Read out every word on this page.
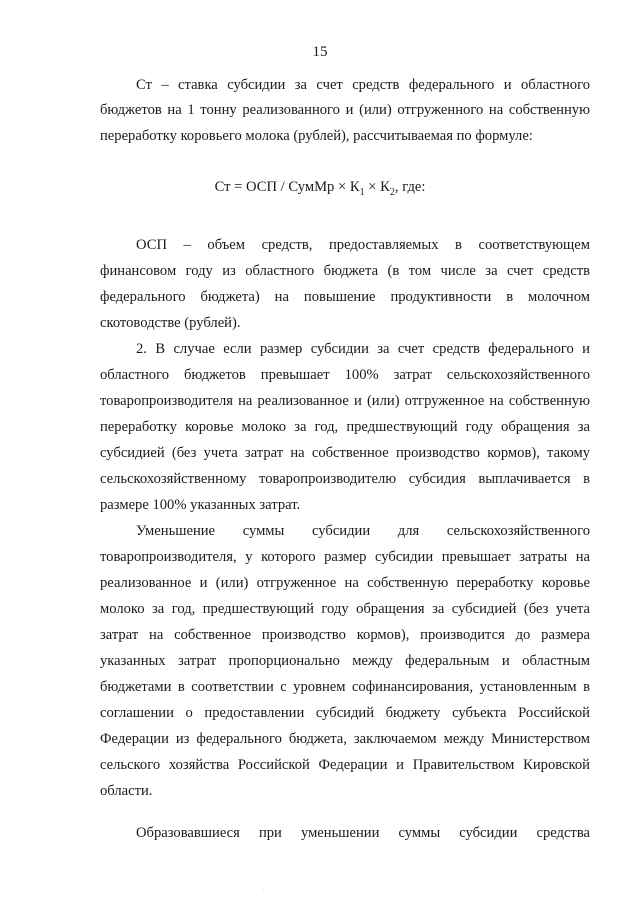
15
Ст – ставка субсидии за счет средств федерального и областного
бюджетов на 1 тонну реализованного и (или) отгруженного на собственную
переработку коровьего молока (рублей), рассчитываемая по формуле:
Ст = ОСП / СумМр × $К_1 \times К_2$, где:
ОСП – объем средств, предоставляемых в соответствующем
финансовом году из областного бюджета (в том числе за счет средств
федерального бюджета) на повышение продуктивности в молочном
скотоводстве (рублей).
2. В случае если размер субсидии за счет средств федерального и
областного бюджетов превышает 100% затрат сельскохозяйственного
товаропроизводителя на реализованное и (или) отгруженное на собственную
переработку коровье молоко за год, предшествующий году обращения за
субсидией (без учета затрат на собственное производство кормов), такому
сельскохозяйственному товаропроизводителю субсидия выплачивается в
размере 100% указанных затрат.
Уменьшение суммы субсидии для сельскохозяйственного
товаропроизводителя, у которого размер субсидии превышает затраты на
реализованное и (или) отгруженное на собственную переработку коровье
молоко за год, предшествующий году обращения за субсидией (без учета
затрат на собственное производство кормов), производится до размера
указанных затрат пропорционально между федеральным и областным
бюджетами в соответствии с уровнем софинансирования, установленным в
соглашении о предоставлении субсидий бюджету субъекта Российской
Федерации из федерального бюджета, заключаемом между Министерством
сельского хозяйства Российской Федерации и Правительством Кировской
области.
Образовавшиеся при уменьшении суммы субсидии средства
· · ·
· ·
